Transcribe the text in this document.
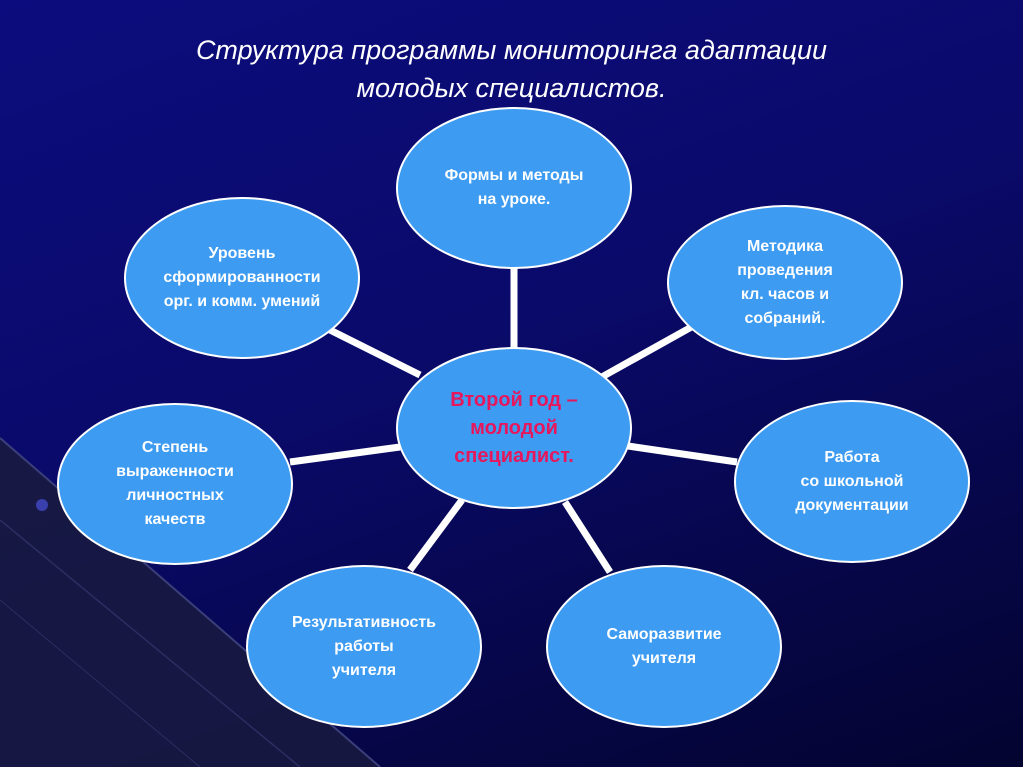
Структура программы мониторинга адаптации
молодых специалистов.
Формы и методы
на уроке.
Методика
проведения
кл. часов и
собраний.
Работа
со школьной
документации
Саморазвитие
учителя
Результативность
работы
учителя
Степень
выраженности
личностных
качеств
Уровень
сформированности
орг. и комм. умений
Второй год –
молодой
специалист.
